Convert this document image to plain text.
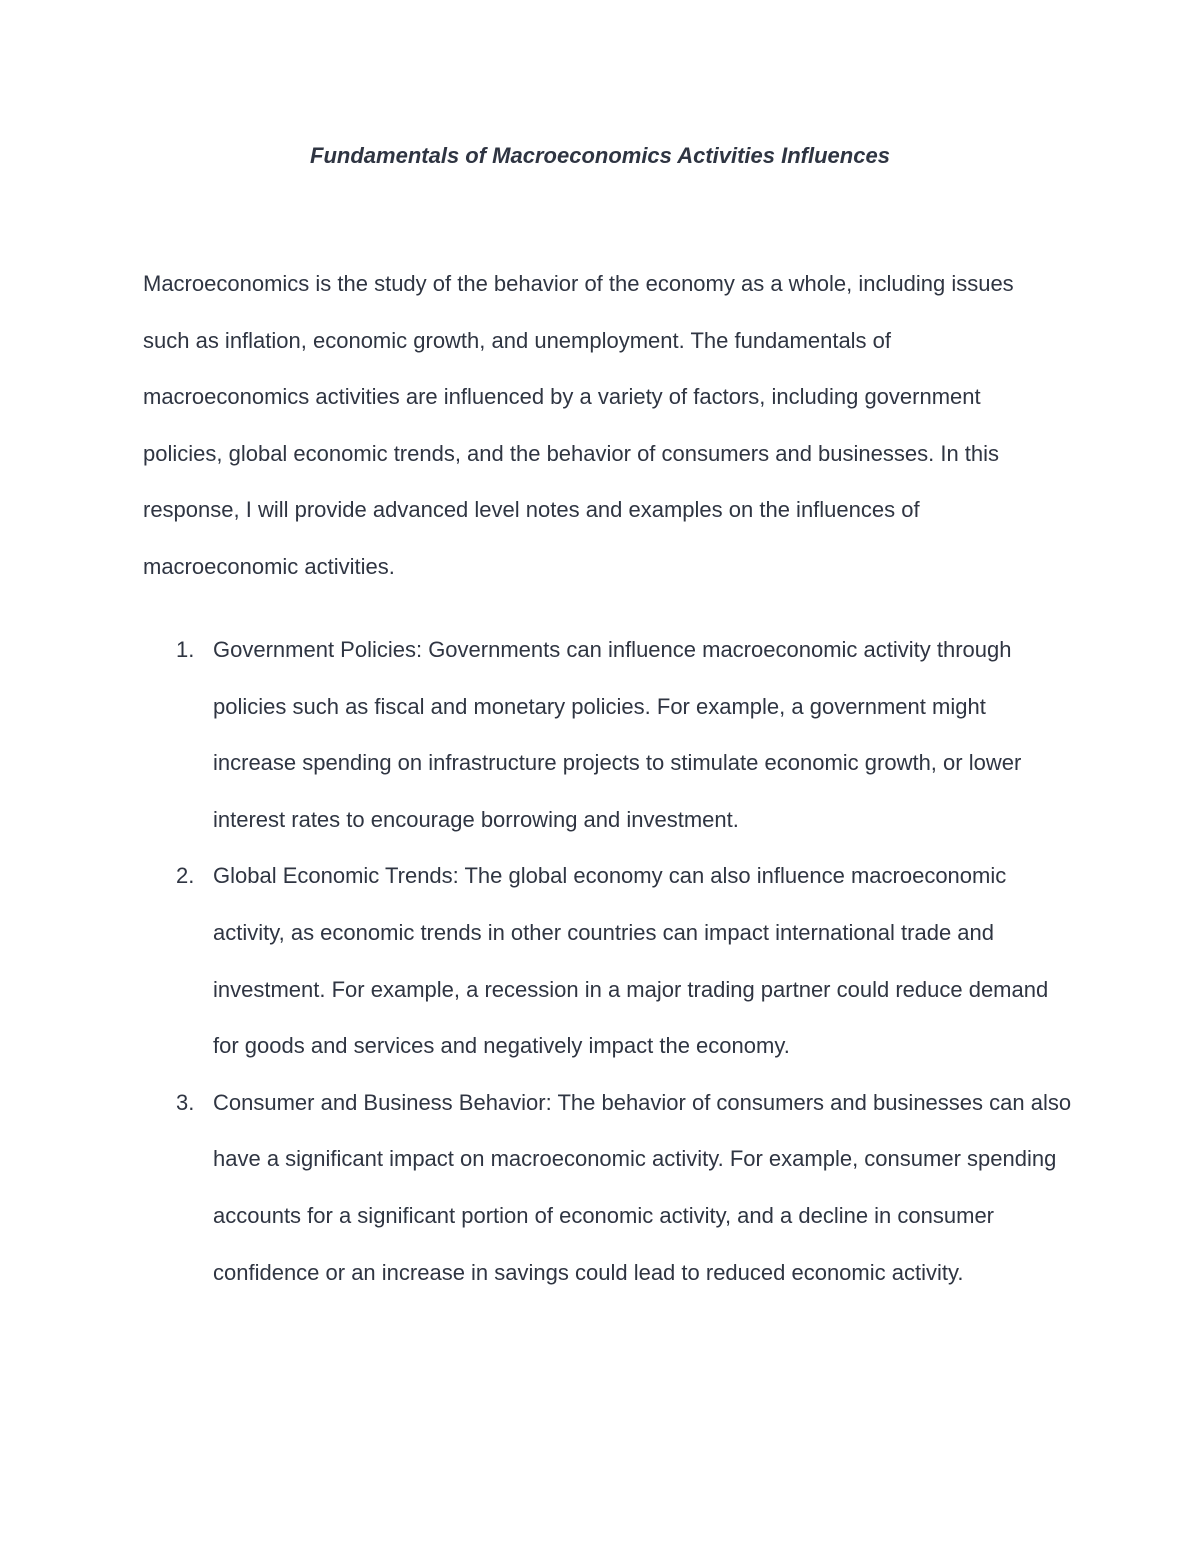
Fundamentals of Macroeconomics Activities Influences

Macroeconomics is the study of the behavior of the economy as a whole, including issues such as inflation, economic growth, and unemployment. The fundamentals of macroeconomics activities are influenced by a variety of factors, including government policies, global economic trends, and the behavior of consumers and businesses. In this response, I will provide advanced level notes and examples on the influences of macroeconomic activities.

1. Government Policies: Governments can influence macroeconomic activity through policies such as fiscal and monetary policies. For example, a government might increase spending on infrastructure projects to stimulate economic growth, or lower interest rates to encourage borrowing and investment.
2. Global Economic Trends: The global economy can also influence macroeconomic activity, as economic trends in other countries can impact international trade and investment. For example, a recession in a major trading partner could reduce demand for goods and services and negatively impact the economy.
3. Consumer and Business Behavior: The behavior of consumers and businesses can also have a significant impact on macroeconomic activity. For example, consumer spending accounts for a significant portion of economic activity, and a decline in consumer confidence or an increase in savings could lead to reduced economic activity.
